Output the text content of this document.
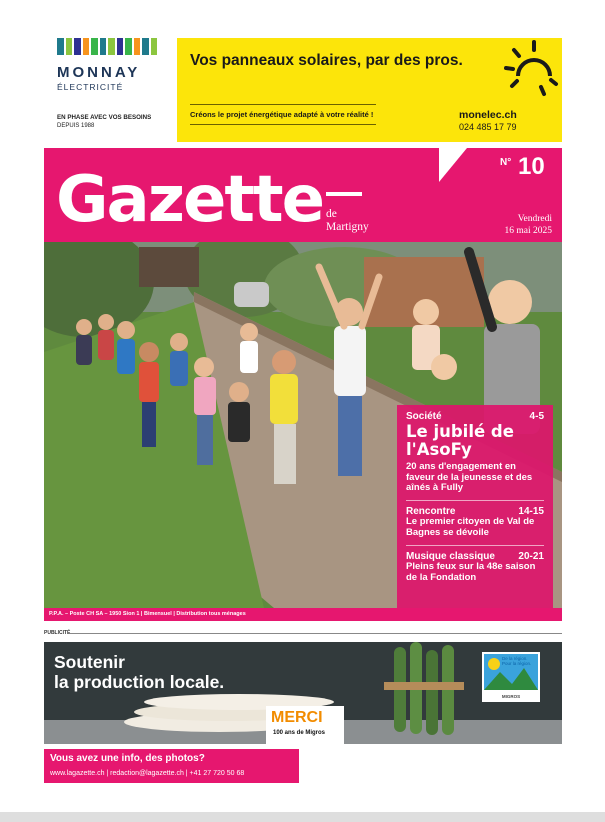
MONNAY
ÉLECTRICITÉ
EN PHASE AVEC VOS BESOINS
DEPUIS 1988
Vos panneaux solaires, par des pros.
Créons le projet énergétique adapté à votre réalité !	monelec.ch
024 485 17 79
Gazette de
Martigny
N° 10
Vendredi
16 mai 2025
Société	4-5
Le jubilé de l'AsoFy
20 ans d'engagement en faveur de la jeunesse et des aînés à Fully
Rencontre	14-15
Le premier citoyen de Val de Bagnes se dévoile
Musique classique 20-21
Pleins feux sur la 48e saison de la Fondation
P.P.A. – Poste CH SA – 1950 Sion 1 | Bimensuel | Distribution tous ménages
PUBLICITÉ
Soutenir
la production locale.
MERCI
100 ans de Migros
De la région.
Pour la région.
MIGROS
Vous avez une info, des photos?
www.lagazette.ch | redaction@lagazette.ch | +41 27 720 50 68
